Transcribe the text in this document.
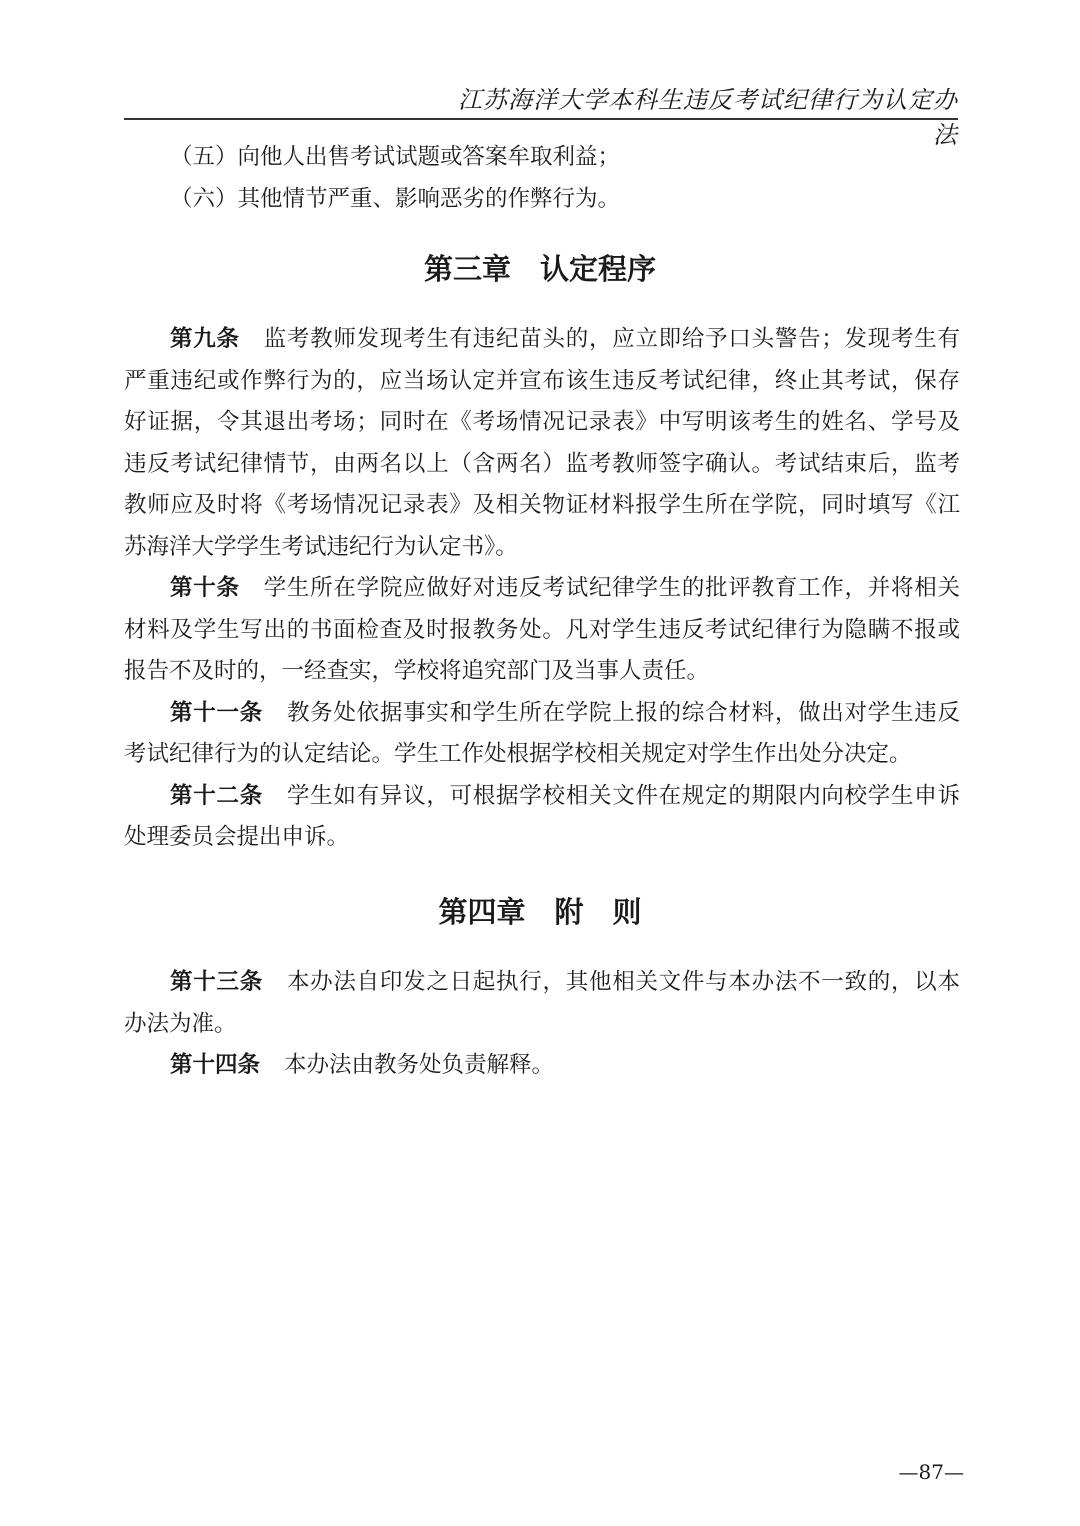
江苏海洋大学本科生违反考试纪律行为认定办法
（五）向他人出售考试试题或答案牟取利益；
（六）其他情节严重、影响恶劣的作弊行为。
第三章　认定程序
第九条 监考教师发现考生有违纪苗头的，应立即给予口头警告；发现考生有
严重违纪或作弊行为的，应当场认定并宣布该生违反考试纪律，终止其考试，保存
好证据，令其退出考场；同时在《考场情况记录表》中写明该考生的姓名、学号及
违反考试纪律情节，由两名以上（含两名）监考教师签字确认。考试结束后，监考
教师应及时将《考场情况记录表》及相关物证材料报学生所在学院，同时填写《江
苏海洋大学学生考试违纪行为认定书》。
第十条 学生所在学院应做好对违反考试纪律学生的批评教育工作，并将相关
材料及学生写出的书面检查及时报教务处。凡对学生违反考试纪律行为隐瞒不报或
报告不及时的，一经查实，学校将追究部门及当事人责任。
第十一条 教务处依据事实和学生所在学院上报的综合材料，做出对学生违反
考试纪律行为的认定结论。学生工作处根据学校相关规定对学生作出处分决定。
第十二条 学生如有异议，可根据学校相关文件在规定的期限内向校学生申诉
处理委员会提出申诉。
第四章　附　则
第十三条 本办法自印发之日起执行，其他相关文件与本办法不一致的，以本
办法为准。
第十四条 本办法由教务处负责解释。
—87—
